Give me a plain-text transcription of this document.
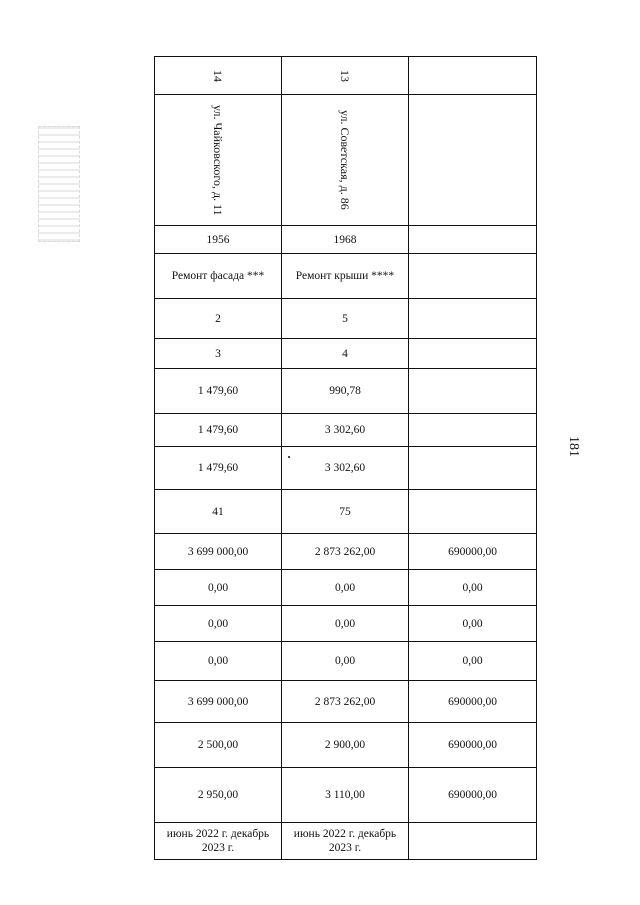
14	13	

ул. Чайковского, д. 11	ул. Советская, д. 86	

1956	1968	
Ремонт фасада ***	Ремонт крыши ****	
2	5	
3	4	
1 479,60	990,78	
1 479,60	3 302,60	
1 479,60	3 302,60	
41	75	
3 699 000,00	2 873 262,00	690000,00
0,00	0,00	0,00
0,00	0,00	0,00
0,00	0,00	0,00
3 699 000,00	2 873 262,00	690000,00
2 500,00	2 900,00	690000,00
2 950,00	3 110,00	690000,00
июнь 2022 г. декабрь 2023 г.	июнь 2022 г. декабрь 2023 г.	
181
